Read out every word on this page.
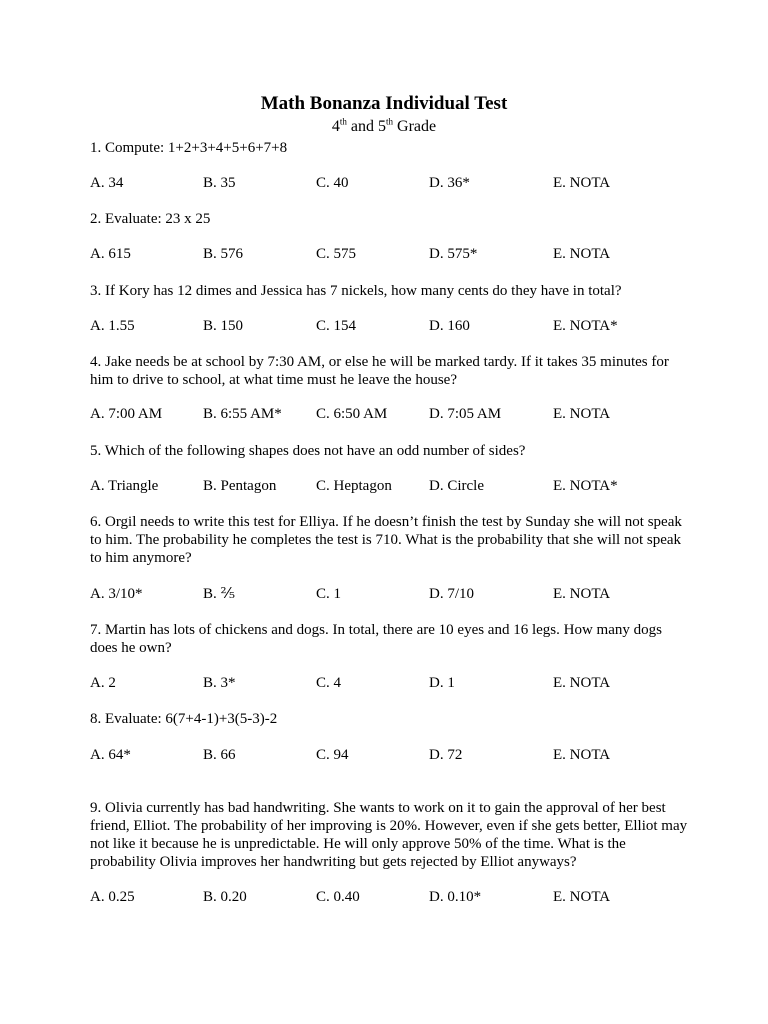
Math Bonanza Individual Test
4th and 5th Grade
1. Compute: 1+2+3+4+5+6+7+8
A. 34	B. 35	C. 40	D. 36*	E. NOTA
2. Evaluate: 23 x 25
A. 615	B. 576	C. 575	D. 575*	E. NOTA
3. If Kory has 12 dimes and Jessica has 7 nickels, how many cents do they have in total?
A. 1.55	B. 150	C. 154	D. 160	E. NOTA*
4. Jake needs be at school by 7:30 AM, or else he will be marked tardy. If it takes 35 minutes for him to drive to school, at what time must he leave the house?
A. 7:00 AM	B. 6:55 AM* C. 6:50 AM	D. 7:05 AM	E. NOTA
5. Which of the following shapes does not have an odd number of sides?
A. Triangle	B. Pentagon	C. Heptagon D. Circle	E. NOTA*
6. Orgil needs to write this test for Elliya. If he doesn’t finish the test by Sunday she will not speak to him. The probability he completes the test is 710. What is the probability that she will not speak to him anymore?
A. 3/10*	B. ⅖	C. 1	D. 7/10	E. NOTA
7. Martin has lots of chickens and dogs. In total, there are 10 eyes and 16 legs. How many dogs does he own?
A. 2	B. 3*	C. 4	D. 1	E. NOTA
8. Evaluate: 6(7+4-1)+3(5-3)-2
A. 64*	B. 66	C. 94	D. 72	E. NOTA
9. Olivia currently has bad handwriting. She wants to work on it to gain the approval of her best friend, Elliot. The probability of her improving is 20%. However, even if she gets better, Elliot may not like it because he is unpredictable. He will only approve 50% of the time. What is the probability Olivia improves her handwriting but gets rejected by Elliot anyways?
A. 0.25	B. 0.20	C. 0.40	D. 0.10*	E. NOTA
